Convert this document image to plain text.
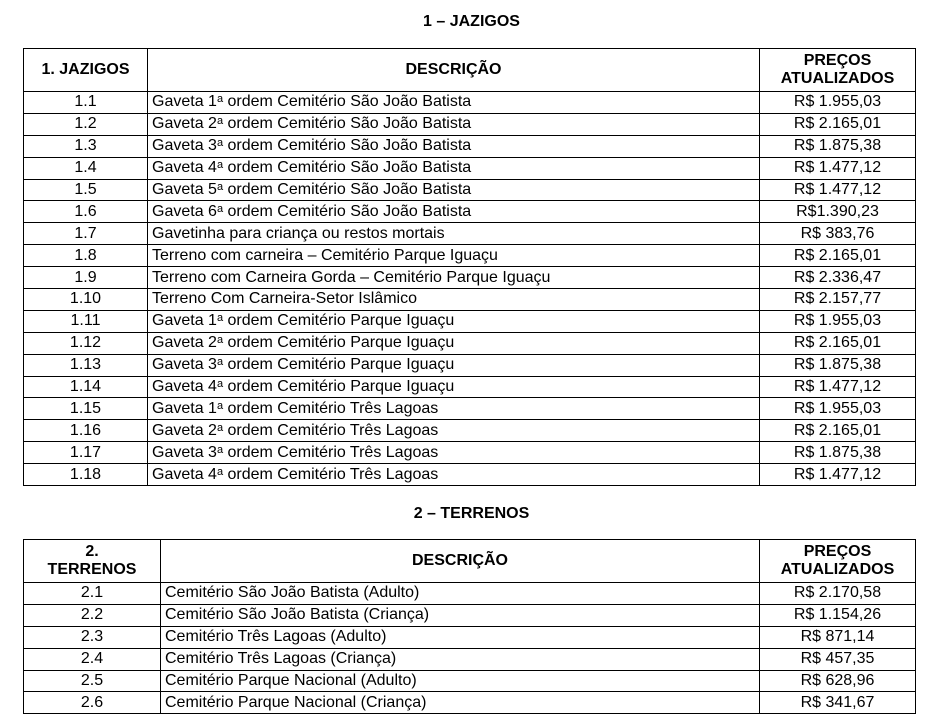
1 – JAZIGOS
1. JAZIGOS	DESCRIÇÃO	PREÇOS
ATUALIZADOS
1.1	Gaveta 1$^a$ ordem Cemitério São João Batista	R$ 1.955,03
1.2	Gaveta 2$^a$ ordem Cemitério São João Batista	R$ 2.165,01
1.3	Gaveta 3$^a$ ordem Cemitério São João Batista	R$ 1.875,38
1.4	Gaveta 4$^a$ ordem Cemitério São João Batista	R$ 1.477,12
1.5	Gaveta 5$^a$ ordem Cemitério São João Batista	R$ 1.477,12
1.6	Gaveta 6$^a$ ordem Cemitério São João Batista	R$1.390,23
1.7	Gavetinha para criança ou restos mortais	R$ 383,76
1.8	Terreno com carneira – Cemitério Parque Iguaçu	R$ 2.165,01
1.9	Terreno com Carneira Gorda – Cemitério Parque Iguaçu	R$ 2.336,47
1.10	Terreno Com Carneira-Setor Islâmico	R$ 2.157,77
1.11	Gaveta 1$^a$ ordem Cemitério Parque Iguaçu	R$ 1.955,03
1.12	Gaveta 2$^a$ ordem Cemitério Parque Iguaçu	R$ 2.165,01
1.13	Gaveta 3$^a$ ordem Cemitério Parque Iguaçu	R$ 1.875,38
1.14	Gaveta 4$^a$ ordem Cemitério Parque Iguaçu	R$ 1.477,12
1.15	Gaveta 1$^a$ ordem Cemitério Três Lagoas	R$ 1.955,03
1.16	Gaveta 2$^a$ ordem Cemitério Três Lagoas	R$ 2.165,01
1.17	Gaveta 3$^a$ ordem Cemitério Três Lagoas	R$ 1.875,38
1.18	Gaveta 4$^a$ ordem Cemitério Três Lagoas	R$ 1.477,12
2 – TERRENOS
2.
TERRENOS	DESCRIÇÃO	PREÇOS
ATUALIZADOS
2.1	Cemitério São João Batista (Adulto)	R$ 2.170,58
2.2	Cemitério São João Batista (Criança)	R$ 1.154,26
2.3	Cemitério Três Lagoas (Adulto)	R$ 871,14
2.4	Cemitério Três Lagoas (Criança)	R$ 457,35
2.5	Cemitério Parque Nacional (Adulto)	R$ 628,96
2.6	Cemitério Parque Nacional (Criança)	R$ 341,67
